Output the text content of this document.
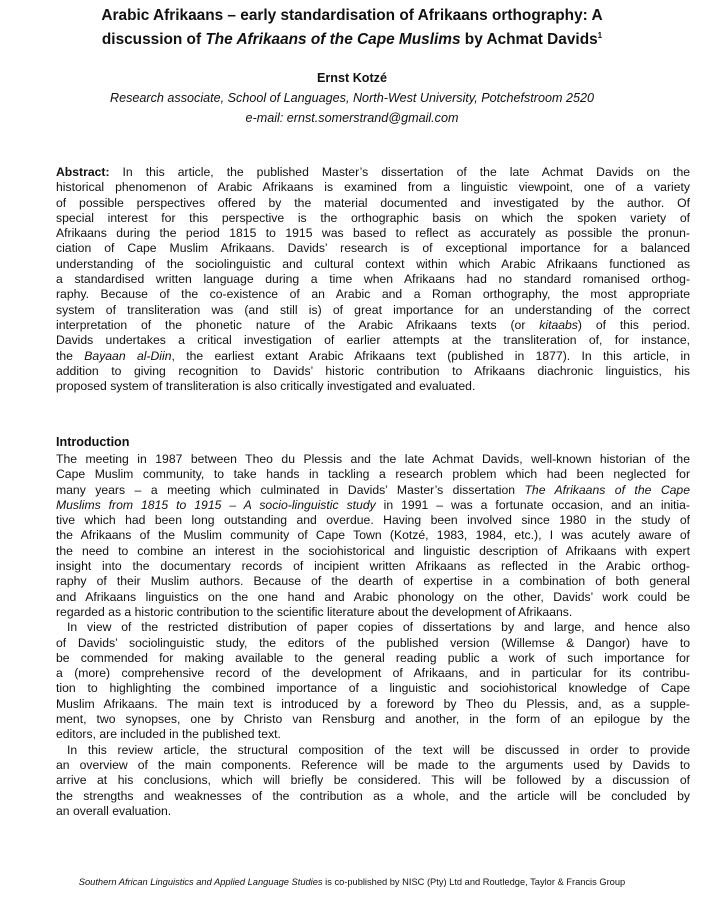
Arabic Afrikaans – early standardisation of Afrikaans orthography: A
discussion of The Afrikaans of the Cape Muslims by Achmat Davids$^1$
Ernst Kotzé
Research associate, School of Languages, North-West University, Potchefstroom 2520
e-mail: ernst.somerstrand@gmail.com
Abstract: In this article, the published Master’s dissertation of the late Achmat Davids on the
historical phenomenon of Arabic Afrikaans is examined from a linguistic viewpoint, one of a variety
of possible perspectives offered by the material documented and investigated by the author. Of
special interest for this perspective is the orthographic basis on which the spoken variety of
Afrikaans during the period 1815 to 1915 was based to reflect as accurately as possible the pronun-
ciation of Cape Muslim Afrikaans. Davids’ research is of exceptional importance for a balanced
understanding of the sociolinguistic and cultural context within which Arabic Afrikaans functioned as
a standardised written language during a time when Afrikaans had no standard romanised orthog-
raphy. Because of the co-existence of an Arabic and a Roman orthography, the most appropriate
system of transliteration was (and still is) of great importance for an understanding of the correct
interpretation of the phonetic nature of the Arabic Afrikaans texts (or kitaabs) of this period.
Davids undertakes a critical investigation of earlier attempts at the transliteration of, for instance,
the Bayaan al-Diin, the earliest extant Arabic Afrikaans text (published in 1877). In this article, in
addition to giving recognition to Davids’ historic contribution to Afrikaans diachronic linguistics, his
proposed system of transliteration is also critically investigated and evaluated.
Introduction
The meeting in 1987 between Theo du Plessis and the late Achmat Davids, well-known historian of the
Cape Muslim community, to take hands in tackling a research problem which had been neglected for
many years – a meeting which culminated in Davids’ Master’s dissertation The Afrikaans of the Cape
Muslims from 1815 to 1915 – A socio-linguistic study in 1991 – was a fortunate occasion, and an initia-
tive which had been long outstanding and overdue. Having been involved since 1980 in the study of
the Afrikaans of the Muslim community of Cape Town (Kotzé, 1983, 1984, etc.), I was acutely aware of
the need to combine an interest in the sociohistorical and linguistic description of Afrikaans with expert
insight into the documentary records of incipient written Afrikaans as reflected in the Arabic orthog-
raphy of their Muslim authors. Because of the dearth of expertise in a combination of both general
and Afrikaans linguistics on the one hand and Arabic phonology on the other, Davids’ work could be
regarded as a historic contribution to the scientific literature about the development of Afrikaans.
In view of the restricted distribution of paper copies of dissertations by and large, and hence also
of Davids’ sociolinguistic study, the editors of the published version (Willemse & Dangor) have to
be commended for making available to the general reading public a work of such importance for
a (more) comprehensive record of the development of Afrikaans, and in particular for its contribu-
tion to highlighting the combined importance of a linguistic and sociohistorical knowledge of Cape
Muslim Afrikaans. The main text is introduced by a foreword by Theo du Plessis, and, as a supple-
ment, two synopses, one by Christo van Rensburg and another, in the form of an epilogue by the
editors, are included in the published text.
In this review article, the structural composition of the text will be discussed in order to provide
an overview of the main components. Reference will be made to the arguments used by Davids to
arrive at his conclusions, which will briefly be considered. This will be followed by a discussion of
the strengths and weaknesses of the contribution as a whole, and the article will be concluded by
an overall evaluation.
Southern African Linguistics and Applied Language Studies is co-published by NISC (Pty) Ltd and Routledge, Taylor & Francis Group
